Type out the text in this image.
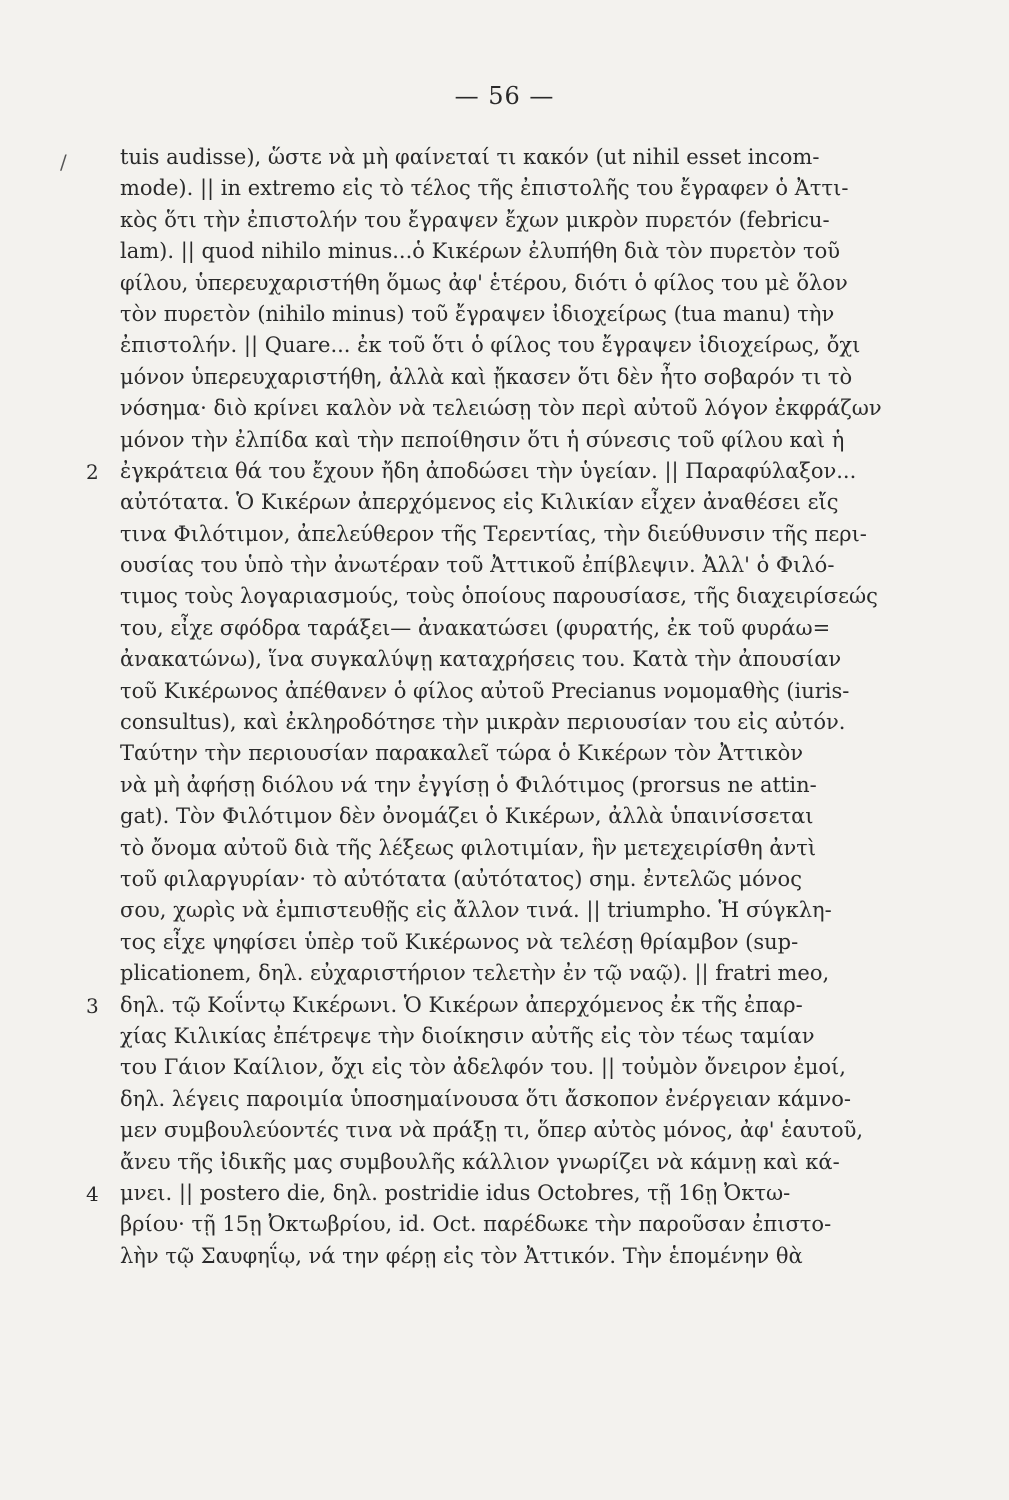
— 56 —
/	tuis audisse), ὥστε νὰ μὴ φαίνεταί τι κακόν (ut nihil esset incom-
mode). || in extremo εἰς τὸ τέλος τῆς ἐπιστολῆς του ἔγραφεν ὁ Ἀττι-
κὸς ὅτι τὴν ἐπιστολήν του ἔγραψεν ἔχων μικρὸν πυρετόν (febricu-
lam). || quod nihilo minus...ὁ Κικέρων ἐλυπήθη διὰ τὸν πυρετὸν τοῦ
φίλου, ὑπερευχαριστήθη ὅμως ἀφ' ἑτέρου, διότι ὁ φίλος του μὲ ὅλον
τὸν πυρετὸν (nihilo minus) τοῦ ἔγραψεν ἰδιοχείρως (tua manu) τὴν
ἐπιστολήν. || Quare... ἐκ τοῦ ὅτι ὁ φίλος του ἔγραψεν ἰδιοχείρως, ὄχι
μόνον ὑπερευχαριστήθη, ἀλλὰ καὶ ᾔκασεν ὅτι δὲν ἦτο σοβαρόν τι τὸ
νόσημα· διὸ κρίνει καλὸν νὰ τελειώσῃ τὸν περὶ αὐτοῦ λόγον ἐκφράζων
μόνον τὴν ἐλπίδα καὶ τὴν πεποίθησιν ὅτι ἡ σύνεσις τοῦ φίλου καὶ ἡ
ἐγκράτεια θά του ἔχουν ἤδη ἀποδώσει τὴν ὑγείαν. || Παραφύλαξον...
αὐτότατα. Ὁ Κικέρων ἀπερχόμενος εἰς Κιλικίαν εἶχεν ἀναθέσει εἴς
τινα Φιλότιμον, ἀπελεύθερον τῆς Τερεντίας, τὴν διεύθυνσιν τῆς περι-
ουσίας του ὑπὸ τὴν ἀνωτέραν τοῦ Ἀττικοῦ ἐπίβλεψιν. Ἀλλ' ὁ Φιλό-
τιμος τοὺς λογαριασμούς, τοὺς ὁποίους παρουσίασε, τῆς διαχειρίσεώς
του, εἶχε σφόδρα ταράξει— ἀνακατώσει (φυρατής, ἐκ τοῦ φυράω=
ἀνακατώνω), ἵνα συγκαλύψῃ καταχρήσεις του. Κατὰ τὴν ἀπουσίαν
τοῦ Κικέρωνος ἀπέθανεν ὁ φίλος αὐτοῦ Precianus νομομαθὴς (iuris-
consultus), καὶ ἐκληροδότησε τὴν μικρὰν περιουσίαν του εἰς αὐτόν.
Ταύτην τὴν περιουσίαν παρακαλεῖ τώρα ὁ Κικέρων τὸν Ἀττικὸν
νὰ μὴ ἀφήσῃ διόλου νά την ἐγγίσῃ ὁ Φιλότιμος (prorsus ne attin-
gat). Τὸν Φιλότιμον δὲν ὀνομάζει ὁ Κικέρων, ἀλλὰ ὑπαινίσσεται
τὸ ὄνομα αὐτοῦ διὰ τῆς λέξεως φιλοτιμίαν, ἣν μετεχειρίσθη ἀντὶ
τοῦ φιλαργυρίαν· τὸ αὐτότατα (αὐτότατος) σημ. ἐντελῶς μόνος
σου, χωρὶς νὰ ἐμπιστευθῇς εἰς ἄλλον τινά. || triumpho. Ἡ σύγκλη-
τος εἶχε ψηφίσει ὑπὲρ τοῦ Κικέρωνος νὰ τελέσῃ θρίαμβον (sup-
plicationem, δηλ. εὐχαριστήριον τελετὴν ἐν τῷ ναῷ). || fratri meo,
δηλ. τῷ Κοΐντῳ Κικέρωνι. Ὁ Κικέρων ἀπερχόμενος ἐκ τῆς ἐπαρ-
χίας Κιλικίας ἐπέτρεψε τὴν διοίκησιν αὐτῆς εἰς τὸν τέως ταμίαν
του Γάιον Καίλιον, ὄχι εἰς τὸν ἀδελφόν του. || τοὐμὸν ὄνειρον ἐμοί,
δηλ. λέγεις παροιμία ὑποσημαίνουσα ὅτι ἄσκοπον ἐνέργειαν κάμνο-
μεν συμβουλεύοντές τινα νὰ πράξῃ τι, ὅπερ αὐτὸς μόνος, ἀφ' ἑαυτοῦ,
ἄνευ τῆς ἰδικῆς μας συμβουλῆς κάλλιον γνωρίζει νὰ κάμνῃ καὶ κά-
μνει. || postero die, δηλ. postridie idus Octobres, τῇ 16ῃ Ὀκτω-
βρίου· τῇ 15ῃ Ὀκτωβρίου, id. Oct. παρέδωκε τὴν παροῦσαν ἐπιστο-
λὴν τῷ Σαυφηΐῳ, νά την φέρῃ εἰς τὸν Ἀττικόν. Τὴν ἑπομένην θὰ
2
3
4
